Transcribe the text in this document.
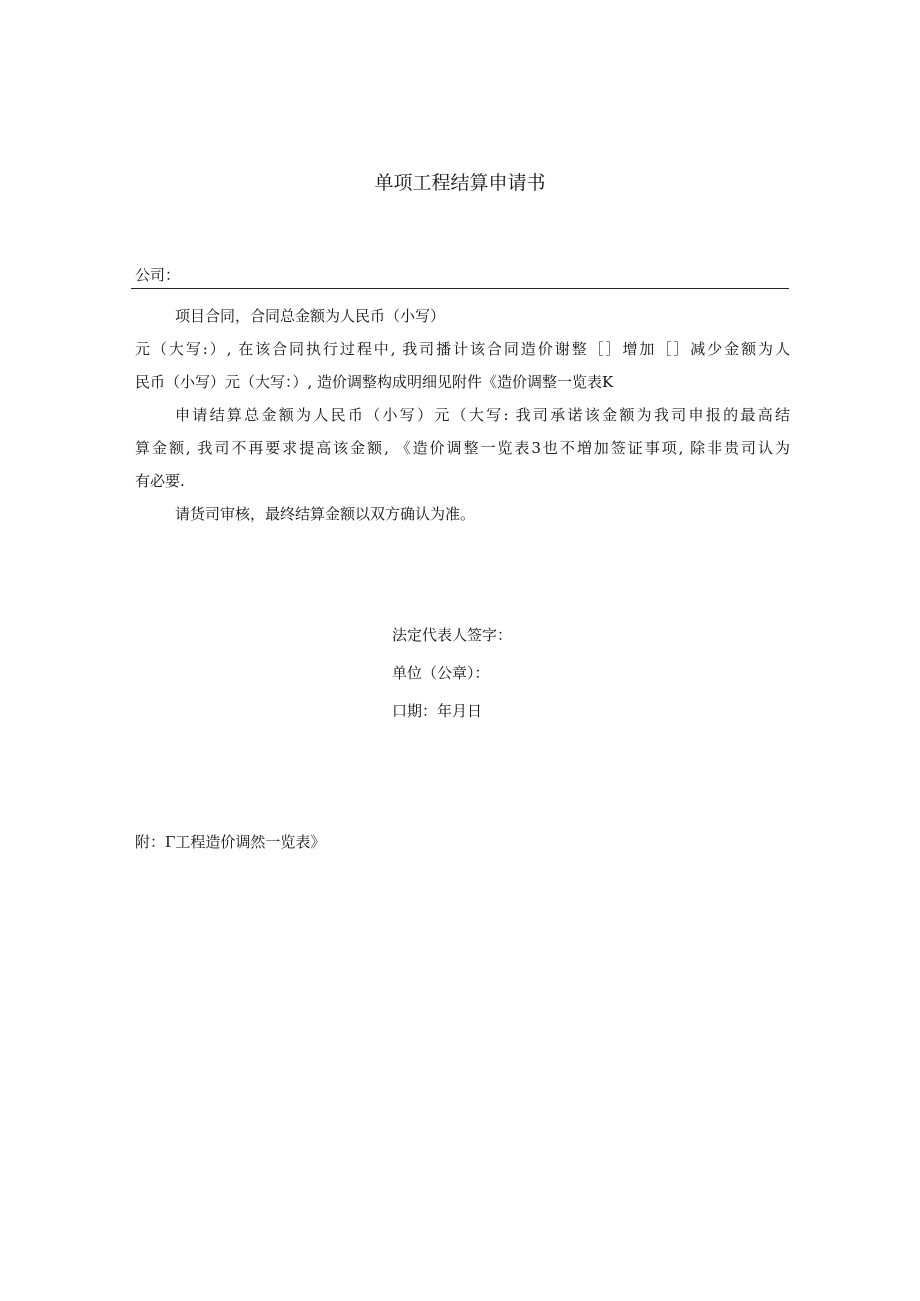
单项工程结算申请书
公司：
项目合同，合同总金额为人民币（小写）
元（大写:）, 在该合同执行过程中, 我司播计该合同造价谢整［］增加［］减少金额为人
民币（小写）元（大写：）, 造价调整构成明细见附件《造价调整一览表K
申请结算总金额为人民币（小写）元（大写: 我司承诺该金额为我司申报的最高结
算金额, 我司不再要求提高该金额, 《造价调整一览表3也不増加签证事项, 除非贵司认为
有必要.
请货司审核，最终结算金额以双方确认为准。
法定代表人签字：
单位（公章）：
口期：年月日
附：Γ工程造价调然一览表》
